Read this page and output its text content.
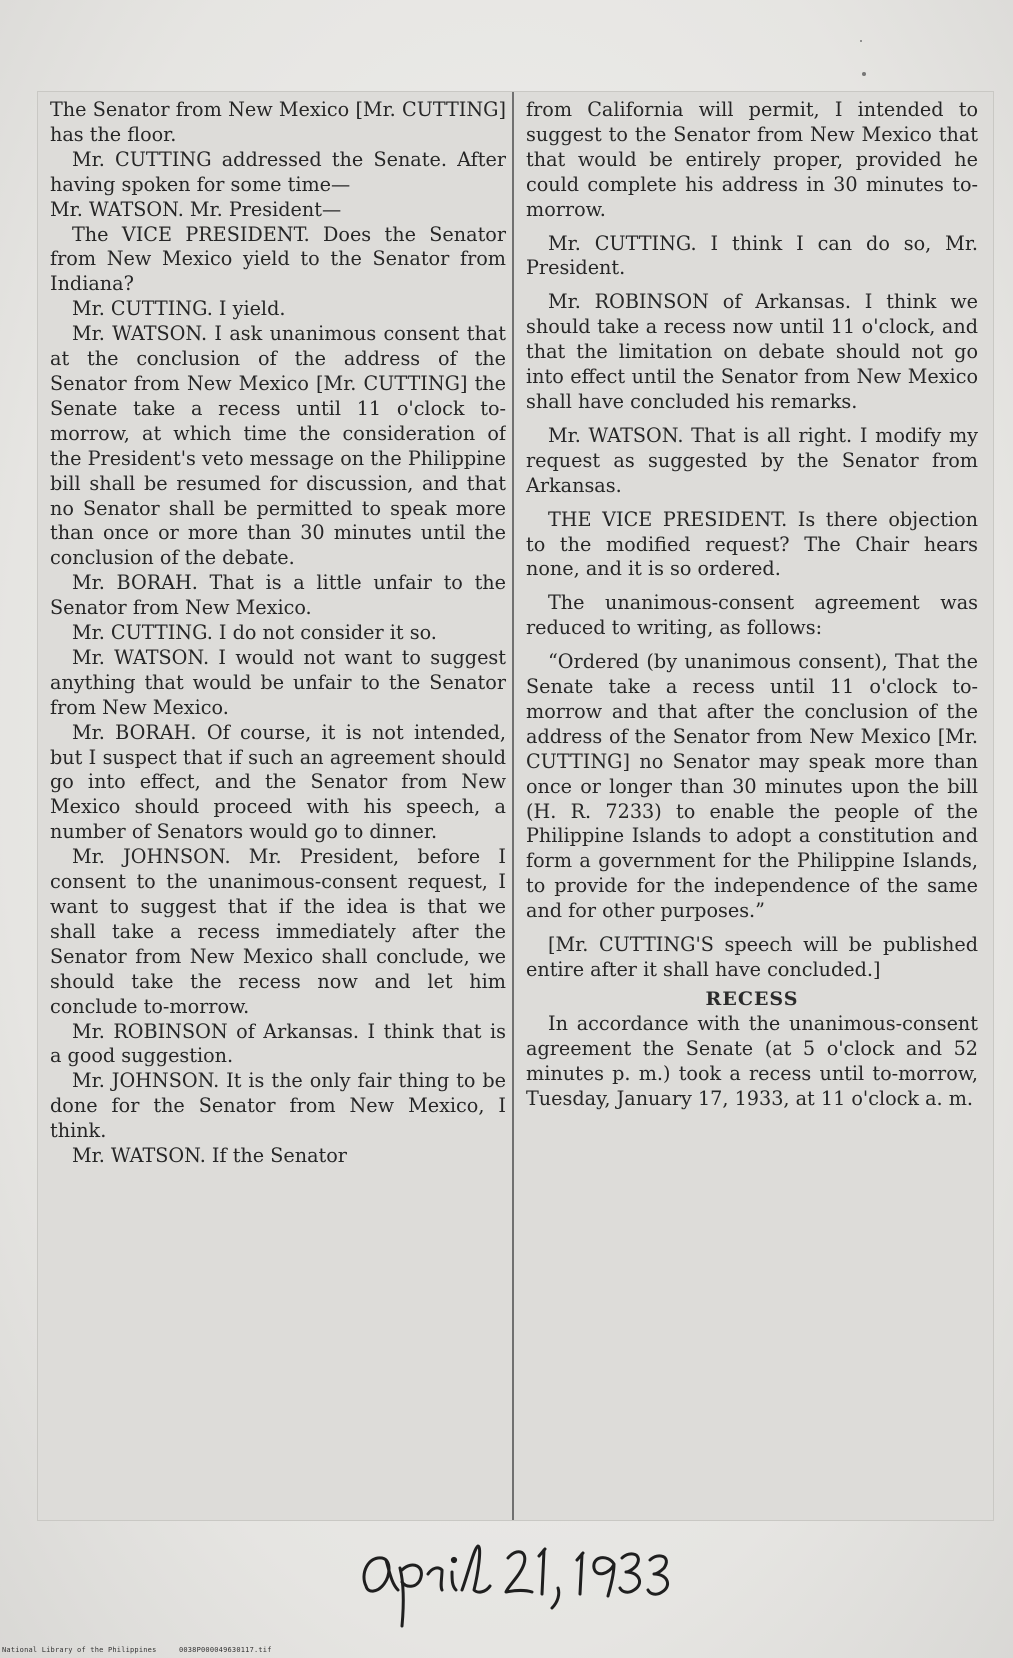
The Senator from New Mexico [Mr. CUTTING] has the floor.

Mr. CUTTING addressed the Senate. After having spoken for some time—

Mr. WATSON. Mr. President—

The VICE PRESIDENT. Does the Senator from New Mexico yield to the Senator from Indiana?

Mr. CUTTING. I yield.

Mr. WATSON. I ask unanimous consent that at the conclusion of the address of the Senator from New Mexico [Mr. CUTTING] the Senate take a recess until 11 o'clock to-morrow, at which time the consideration of the President's veto message on the Philippine bill shall be resumed for discussion, and that no Senator shall be permitted to speak more than once or more than 30 minutes until the conclusion of the debate.

Mr. BORAH. That is a little unfair to the Senator from New Mexico.

Mr. CUTTING. I do not consider it so.

Mr. WATSON. I would not want to suggest anything that would be unfair to the Senator from New Mexico.

Mr. BORAH. Of course, it is not intended, but I suspect that if such an agreement should go into effect, and the Senator from New Mexico should proceed with his speech, a number of Senators would go to dinner.

Mr. JOHNSON. Mr. President, before I consent to the unanimous-consent request, I want to suggest that if the idea is that we shall take a recess immediately after the Senator from New Mexico shall conclude, we should take the recess now and let him conclude to-morrow.

Mr. ROBINSON of Arkansas. I think that is a good suggestion.

Mr. JOHNSON. It is the only fair thing to be done for the Senator from New Mexico, I think.

Mr. WATSON. If the Senator

from California will permit, I intended to suggest to the Senator from New Mexico that that would be entirely proper, provided he could complete his address in 30 minutes to-morrow.

Mr. CUTTING. I think I can do so, Mr. President.

Mr. ROBINSON of Arkansas. I think we should take a recess now until 11 o'clock, and that the limitation on debate should not go into effect until the Senator from New Mexico shall have concluded his remarks.

Mr. WATSON. That is all right. I modify my request as suggested by the Senator from Arkansas.

THE VICE PRESIDENT. Is there objection to the modified request? The Chair hears none, and it is so ordered.

The unanimous-consent agreement was reduced to writing, as follows:

“Ordered (by unanimous consent), That the Senate take a recess until 11 o'clock to-morrow and that after the conclusion of the address of the Senator from New Mexico [Mr. CUTTING] no Senator may speak more than once or longer than 30 minutes upon the bill (H. R. 7233) to enable the people of the Philippine Islands to adopt a constitution and form a government for the Philippine Islands, to provide for the independence of the same and for other purposes.”

[Mr. CUTTING'S speech will be published entire after it shall have concluded.]

RECESS

In accordance with the unanimous-consent agreement the Senate (at 5 o'clock and 52 minutes p. m.) took a recess until to-morrow, Tuesday, January 17, 1933, at 11 o'clock a. m.

National Library of the Philippines	0038P000049630117.tif
